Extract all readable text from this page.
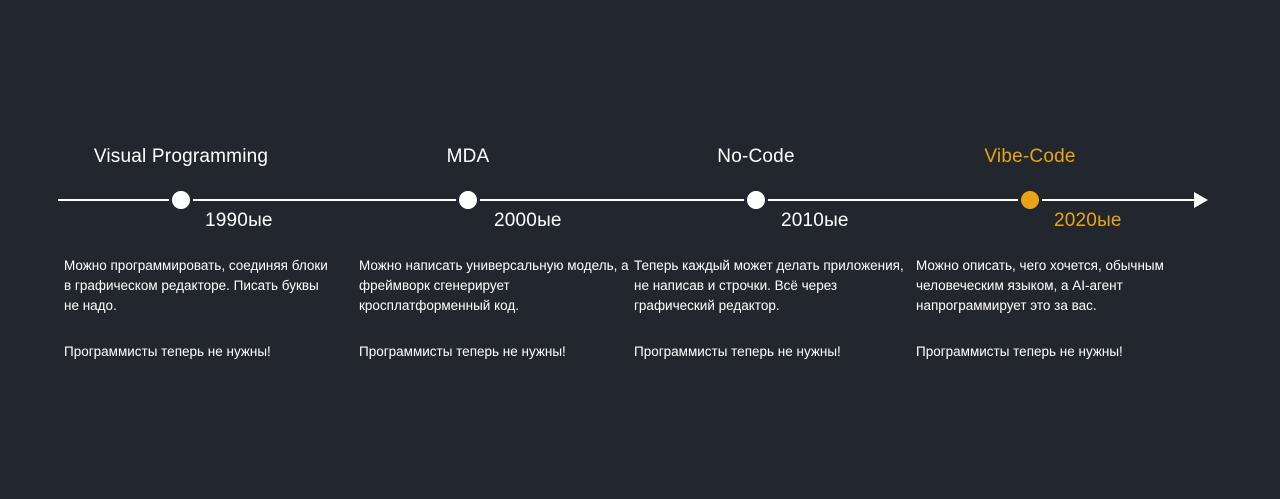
Visual Programming
1990ые

Можно программировать, соединяя блоки в графическом редакторе. Писать буквы не надо.

Программисты теперь не нужны!

MDA
2000ые

Можно написать универсальную модель, а фреймворк сгенерирует кросплатформенный код.

Программисты теперь не нужны!

No-Code
2010ые

Теперь каждый может делать приложения, не написав и строчки. Всё через графический редактор.

Программисты теперь не нужны!

Vibe-Code
2020ые

Можно описать, чего хочется, обычным человеческим языком, а AI-агент напрограммирует это за вас.

Программисты теперь не нужны!
